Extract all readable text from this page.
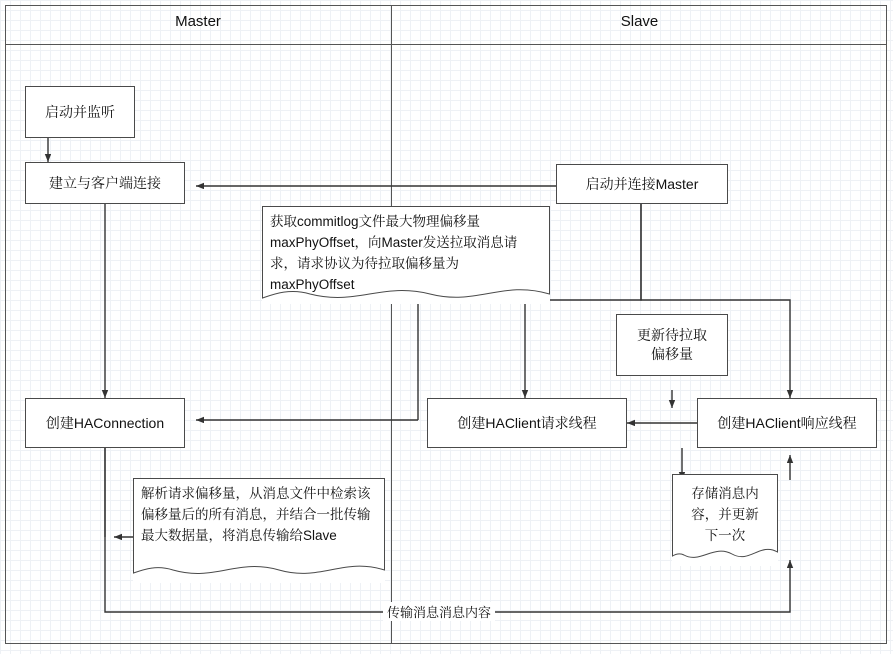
Master	Slave
启动并监听
建立与客户端连接
创建HAConnection
启动并连接Master
更新待拉取
偏移量
创建HAClient请求线程	创建HAClient响应线程
获取commitlog文件最大物理偏移量maxPhyOffset，向Master发送拉取消息请求，请求协议为待拉取偏移量为maxPhyOffset
解析请求偏移量，从消息文件中检索该偏移量后的所有消息，并结合一批传输最大数据量，将消息传输给Slave
存储消息内
容，并更新
下一次
传输消息消息内容
